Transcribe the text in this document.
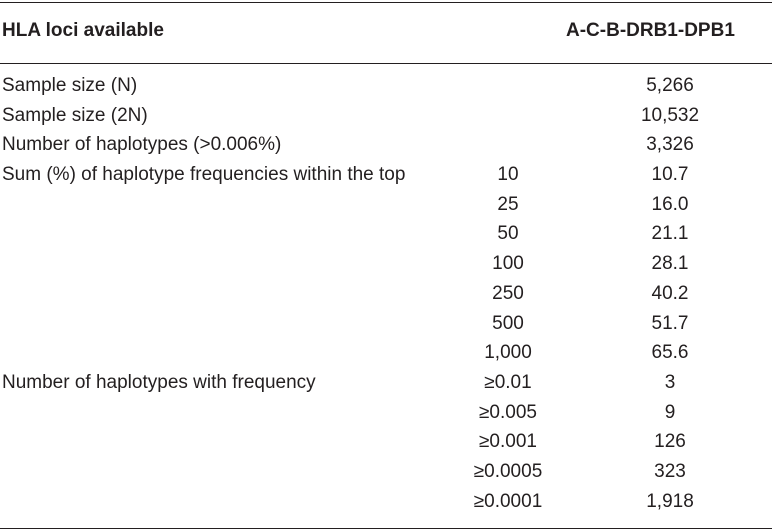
HLA loci available	A-C-B-DRB1-DPB1
Sample size (N)	5,266
Sample size (2N)	10,532
Number of haplotypes (>0.006%)	3,326
Sum (%) of haplotype frequencies within the top	10	10.7
25	16.0
50	21.1
100	28.1
250	40.2
500	51.7
1,000	65.6
Number of haplotypes with frequency	≥0.01	3
≥0.005	9
≥0.001	126
≥0.0005	323
≥0.0001	1,918
